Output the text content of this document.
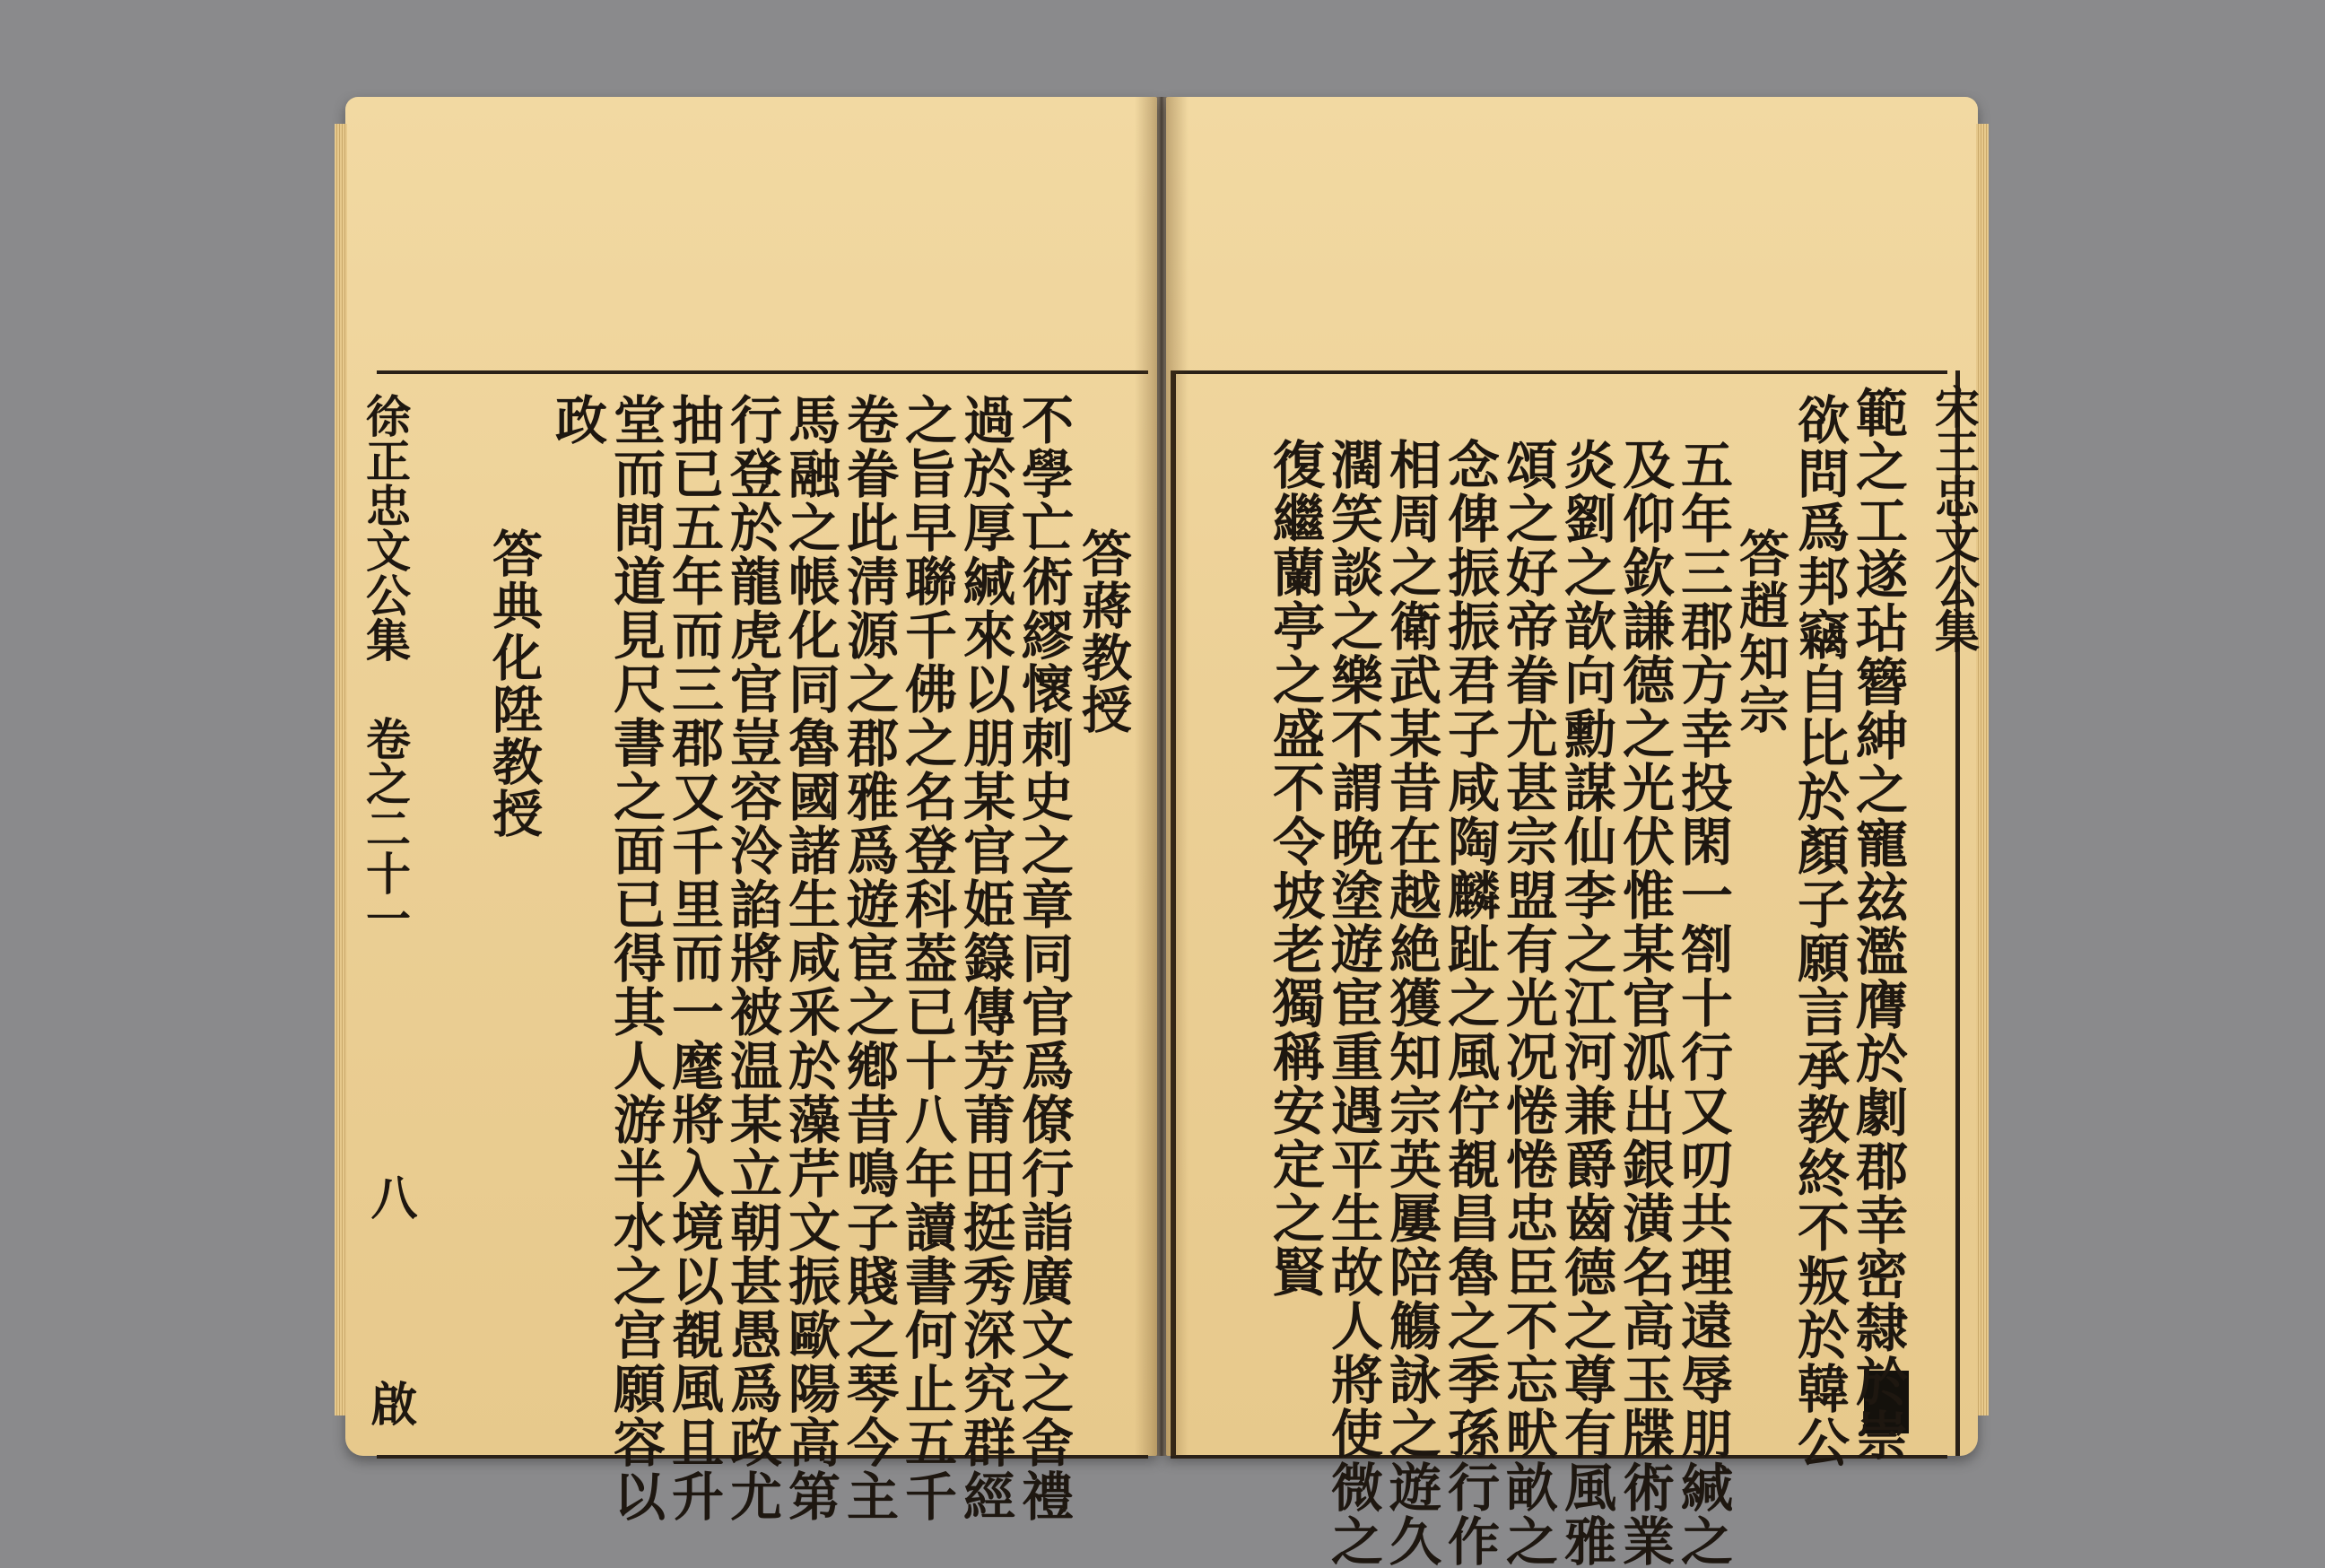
徐正忠文公集
卷之二十一
八
啟
答蔣教授
不學亡術繆懷刺史之章同官爲僚行詣廣文之舍禮
過於厚緘來以朋某官姫籙傳芳莆田挺秀深究群經
之旨早聯千佛之名登科葢已十八年讀書何止五千
卷眷此淸源之郡雅爲遊宦之鄕昔鳴子賤之琴今主
馬融之帳化同魯國諸生咸釆於藻芹文振歐陽高第
行登於龍虎官豈容泠諂將被温某立朝甚愚爲政尤
抽已五年而三郡又千里而一麾將入境以覩風且升
堂而問道見尺書之面已得其人游半水之宫願容以
政
答典化陞教授
宋王忠文公集
範之工遂玷簪紳之寵玆濫膺於劇郡幸密隸於崇
欲問爲邦竊自比於顏子願言承教終不叛於韓公
答趙知宗
五年三郡方幸投閑一劄十行又叨共理遠辱朋緘之
及仰欽謙德之光伏惟某官泒出銀潢名高玉牒術業
炎劉之歆向勳謀仙李之江河兼爵齒德之尊有風雅
頌之好帝眷尤甚宗盟有光况惓惓忠臣不忘畎畝之
念俾振振君子咸陶麟趾之風佇覩昌魯之季孫行作
相周之衛武某昔在越絶獲知宗英屢陪觴詠之遊久
濶笑談之樂不謂晩塗遊宦重遇平生故人將使微之
復繼蘭亭之盛不令坡老獨稱安定之賢
